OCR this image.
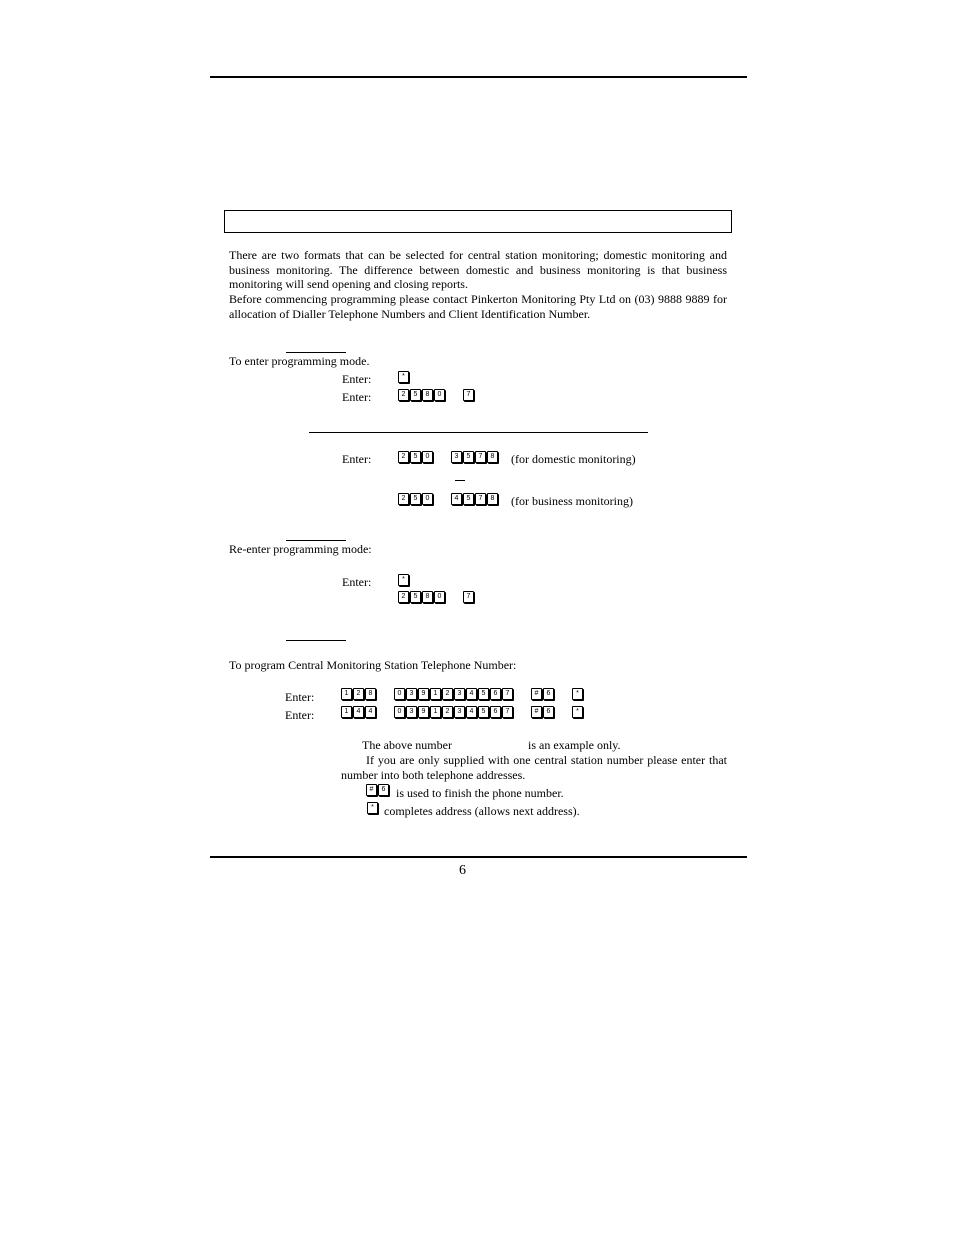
There are two formats that can be selected for central station monitoring; domestic monitoring and business monitoring. The difference between domestic and business monitoring is that business monitoring will send opening and closing reports.
Before commencing programming please contact Pinkerton Monitoring Pty Ltd on (03) 9888 9889 for allocation of Dialler Telephone Numbers and Client Identification Number.
To enter programming mode.
Enter:	*
Enter:	2	5	8	0	7
Enter:	2	5	0	3	5	7	8 (for domestic monitoring)
2	5	0	4	5	7	8 (for business monitoring)
Re-enter programming mode:
Enter:	*
2	5	8	0	7
To program Central Monitoring Station Telephone Number:
Enter:	1	2	8	0	3	9	1	2	3	4	5	6	7	#	6	*
Enter:	1	4	4	0	3	9	1	2	3	4	5	6	7	#	6	*
The above number	is an example only.
If you are only supplied with one central station number please enter that number into both telephone addresses.
#	6 is used to finish the phone number.
* completes address (allows next address).
6
